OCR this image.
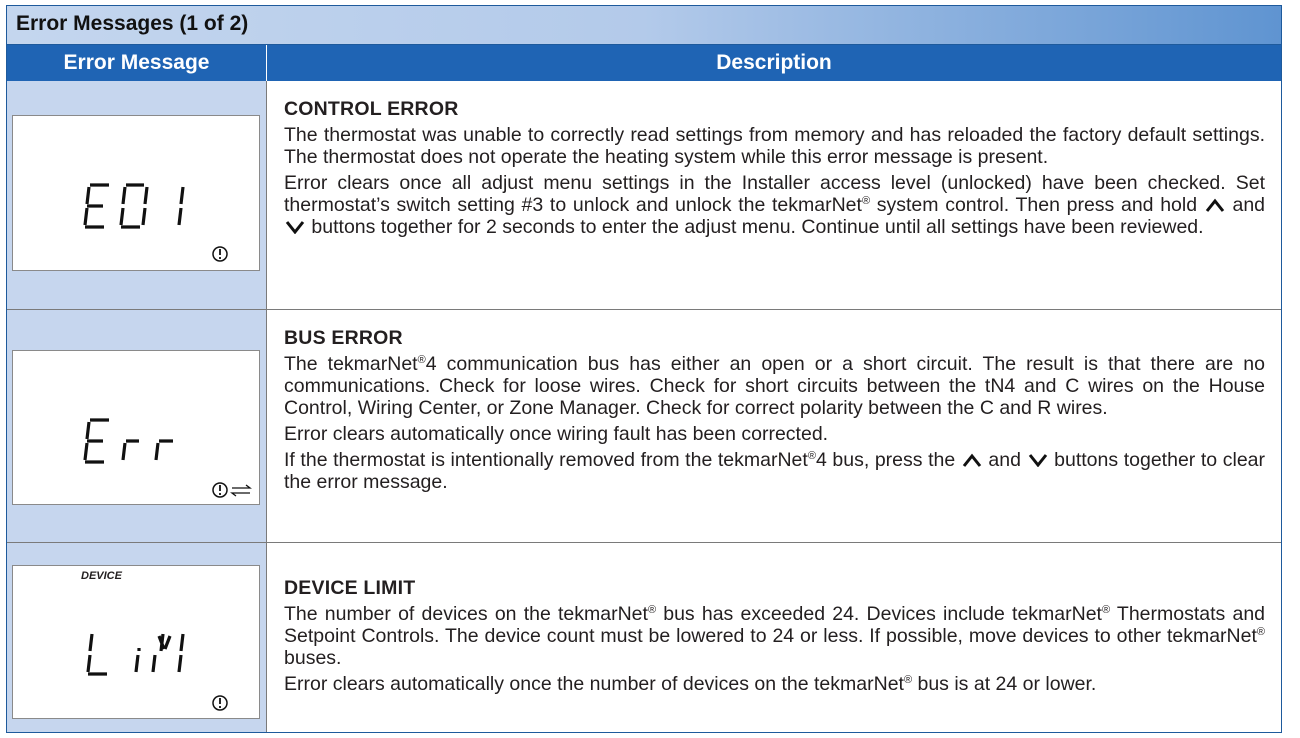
Error Messages (1 of 2)
Error Message	Description
CONTROL ERROR

The thermostat was unable to correctly read settings from memory and has reloaded the factory default settings. The thermostat does not operate the heating system while this error message is present.

Error clears once all adjust menu settings in the Installer access level (unlocked) have been checked. Set thermostat’s switch setting #3 to unlock and unlock the tekmarNet® system control. Then press and hold  and  buttons together for 2 seconds to enter the adjust menu. Continue until all settings have been reviewed.

BUS ERROR

The tekmarNet®4 communication bus has either an open or a short circuit. The result is that there are no communications. Check for loose wires. Check for short circuits between the tN4 and C wires on the House Control, Wiring Center, or Zone Manager. Check for correct polarity between the C and R wires.

Error clears automatically once wiring fault has been corrected.

If the thermostat is intentionally removed from the tekmarNet®4 bus, press the  and  buttons together to clear the error message.

DEVICE
DEVICE LIMIT

The number of devices on the tekmarNet® bus has exceeded 24. Devices include tekmarNet® Thermostats and Setpoint Controls. The device count must be lowered to 24 or less. If possible, move devices to other tekmarNet® buses.

Error clears automatically once the number of devices on the tekmarNet® bus is at 24 or lower.
